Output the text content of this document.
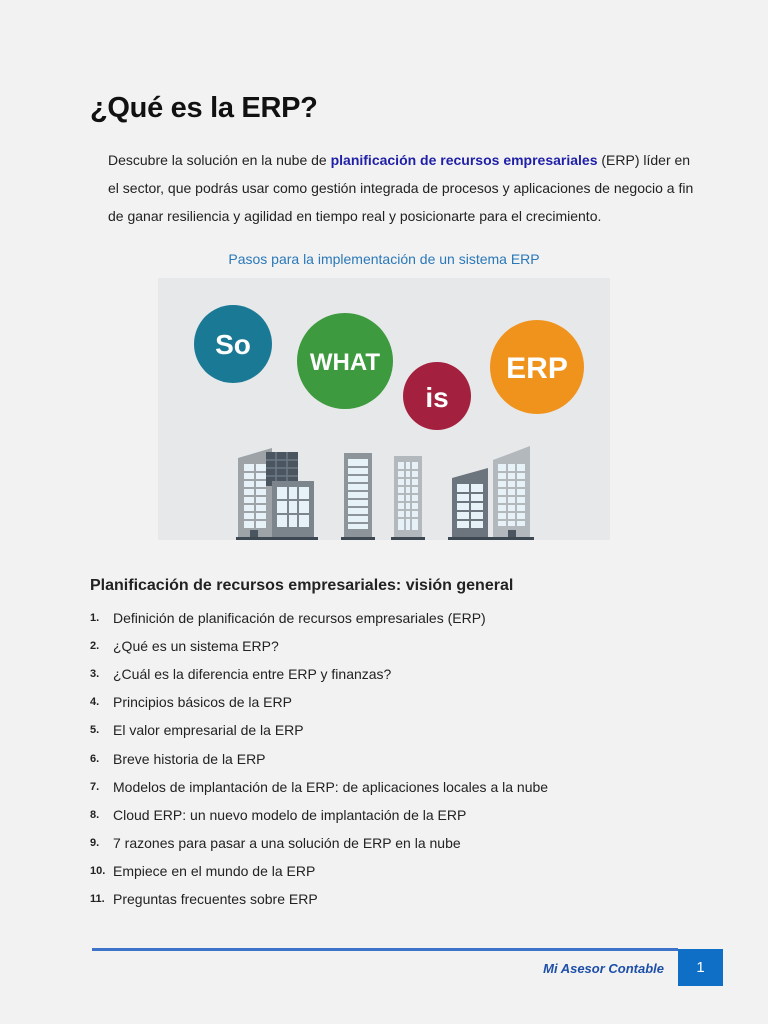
¿Qué es la ERP?

Descubre la solución en la nube de planificación de recursos empresariales (ERP) líder en el sector, que podrás usar como gestión integrada de procesos y aplicaciones de negocio a fin de ganar resiliencia y agilidad en tiempo real y posicionarte para el crecimiento.

Pasos para la implementación de un sistema ERP
So
WHAT
is
ERP
Planificación de recursos empresariales: visión general
1. Definición de planificación de recursos empresariales (ERP)
2. ¿Qué es un sistema ERP?
3. ¿Cuál es la diferencia entre ERP y finanzas?
4. Principios básicos de la ERP
5. El valor empresarial de la ERP
6. Breve historia de la ERP
7. Modelos de implantación de la ERP: de aplicaciones locales a la nube
8. Cloud ERP: un nuevo modelo de implantación de la ERP
9. 7 razones para pasar a una solución de ERP en la nube
10. Empiece en el mundo de la ERP
11. Preguntas frecuentes sobre ERP
Mi Asesor Contable	1
